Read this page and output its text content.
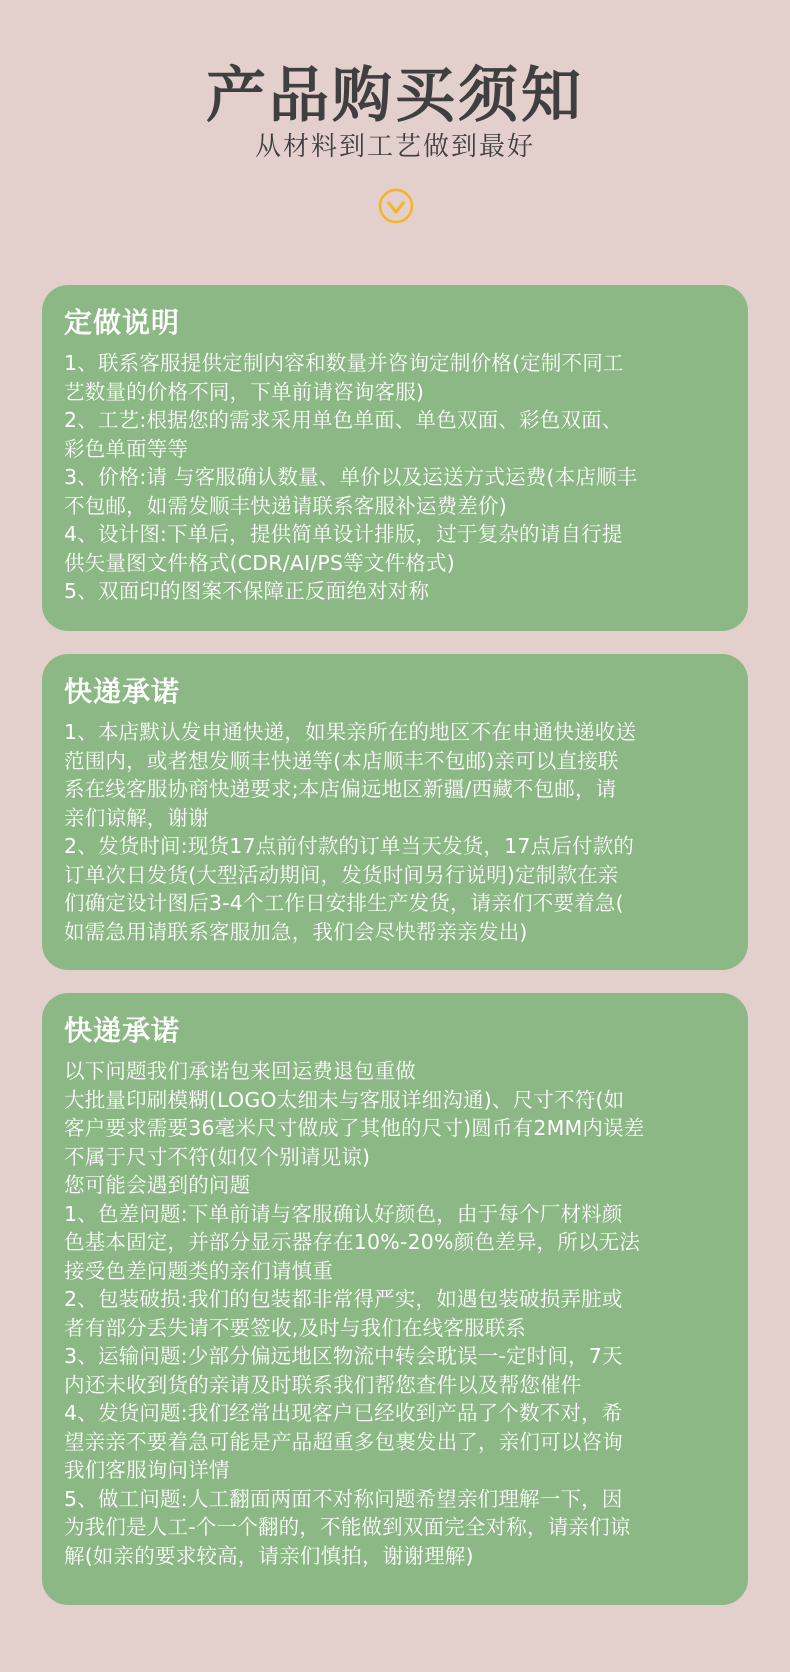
产品购买须知
从材料到工艺做到最好
定做说明
1、联系客服提供定制内容和数量并咨询定制价格(定制不同工
艺数量的价格不同，下单前请咨询客服)
2、工艺:根据您的需求采用单色单面、单色双面、彩色双面、
彩色单面等等
3、价格:请 与客服确认数量、单价以及运送方式运费(本店顺丰
不包邮，如需发顺丰快递请联系客服补运费差价)
4、设计图:下单后，提供简单设计排版，过于复杂的请自行提
供矢量图文件格式(CDR/AI/PS等文件格式)
5、双面印的图案不保障正反面绝对对称
快递承诺
1、本店默认发申通快递，如果亲所在的地区不在申通快递收送
范围内，或者想发顺丰快递等(本店顺丰不包邮)亲可以直接联
系在线客服协商快递要求;本店偏远地区新疆/西藏不包邮，请
亲们谅解，谢谢
2、发货时间:现货17点前付款的订单当天发货，17点后付款的
订单次日发货(大型活动期间，发货时间另行说明)定制款在亲
们确定设计图后3-4个工作日安排生产发货，请亲们不要着急(
如需急用请联系客服加急，我们会尽快帮亲亲发出)
快递承诺
以下问题我们承诺包来回运费退包重做
大批量印刷模糊(LOGO太细未与客服详细沟通)、尺寸不符(如
客户要求需要36毫米尺寸做成了其他的尺寸)圆币有2MM内误差
不属于尺寸不符(如仅个别请见谅)
您可能会遇到的问题
1、色差问题:下单前请与客服确认好颜色，由于每个厂材料颜
色基本固定，并部分显示器存在10%-20%颜色差异，所以无法
接受色差问题类的亲们请慎重
2、包装破损:我们的包装都非常得严实，如遇包装破损弄脏或
者有部分丢失请不要签收,及时与我们在线客服联系
3、运输问题:少部分偏远地区物流中转会耽误一-定时间，7天
内还未收到货的亲请及时联系我们帮您查件以及帮您催件
4、发货问题:我们经常出现客户已经收到产品了个数不对，希
望亲亲不要着急可能是产品超重多包裹发出了，亲们可以咨询
我们客服询问详情
5、做工问题:人工翻面两面不对称问题希望亲们理解一下，因
为我们是人工-个一个翻的，不能做到双面完全对称，请亲们谅
解(如亲的要求较高，请亲们慎拍，谢谢理解)
